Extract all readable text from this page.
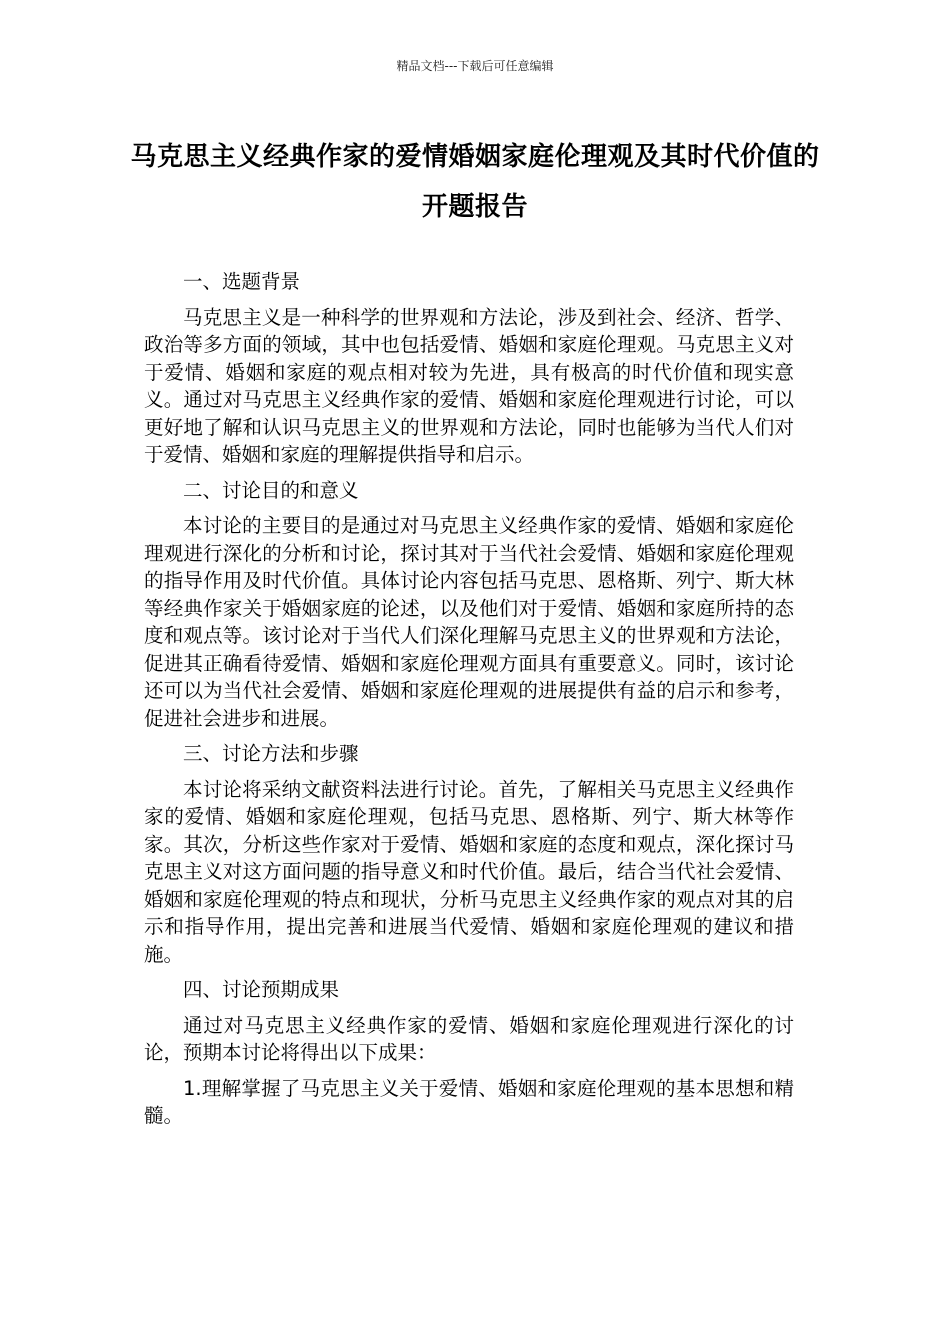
精品文档---下载后可任意编辑
马克思主义经典作家的爱情婚姻家庭伦理观及其时代价值的开题报告

一、选题背景

马克思主义是一种科学的世界观和方法论，涉及到社会、经济、哲学、政治等多方面的领域，其中也包括爱情、婚姻和家庭伦理观。马克思主义对于爱情、婚姻和家庭的观点相对较为先进，具有极高的时代价值和现实意义。通过对马克思主义经典作家的爱情、婚姻和家庭伦理观进行讨论，可以更好地了解和认识马克思主义的世界观和方法论，同时也能够为当代人们对于爱情、婚姻和家庭的理解提供指导和启示。

二、讨论目的和意义

本讨论的主要目的是通过对马克思主义经典作家的爱情、婚姻和家庭伦理观进行深化的分析和讨论，探讨其对于当代社会爱情、婚姻和家庭伦理观的指导作用及时代价值。具体讨论内容包括马克思、恩格斯、列宁、斯大林等经典作家关于婚姻家庭的论述，以及他们对于爱情、婚姻和家庭所持的态度和观点等。该讨论对于当代人们深化理解马克思主义的世界观和方法论，促进其正确看待爱情、婚姻和家庭伦理观方面具有重要意义。同时，该讨论还可以为当代社会爱情、婚姻和家庭伦理观的进展提供有益的启示和参考，促进社会进步和进展。

三、讨论方法和步骤

本讨论将采纳文献资料法进行讨论。首先，了解相关马克思主义经典作家的爱情、婚姻和家庭伦理观，包括马克思、恩格斯、列宁、斯大林等作家。其次，分析这些作家对于爱情、婚姻和家庭的态度和观点，深化探讨马克思主义对这方面问题的指导意义和时代价值。最后，结合当代社会爱情、婚姻和家庭伦理观的特点和现状，分析马克思主义经典作家的观点对其的启示和指导作用，提出完善和进展当代爱情、婚姻和家庭伦理观的建议和措施。

四、讨论预期成果

通过对马克思主义经典作家的爱情、婚姻和家庭伦理观进行深化的讨论，预期本讨论将得出以下成果：

1.理解掌握了马克思主义关于爱情、婚姻和家庭伦理观的基本思想和精髓。
